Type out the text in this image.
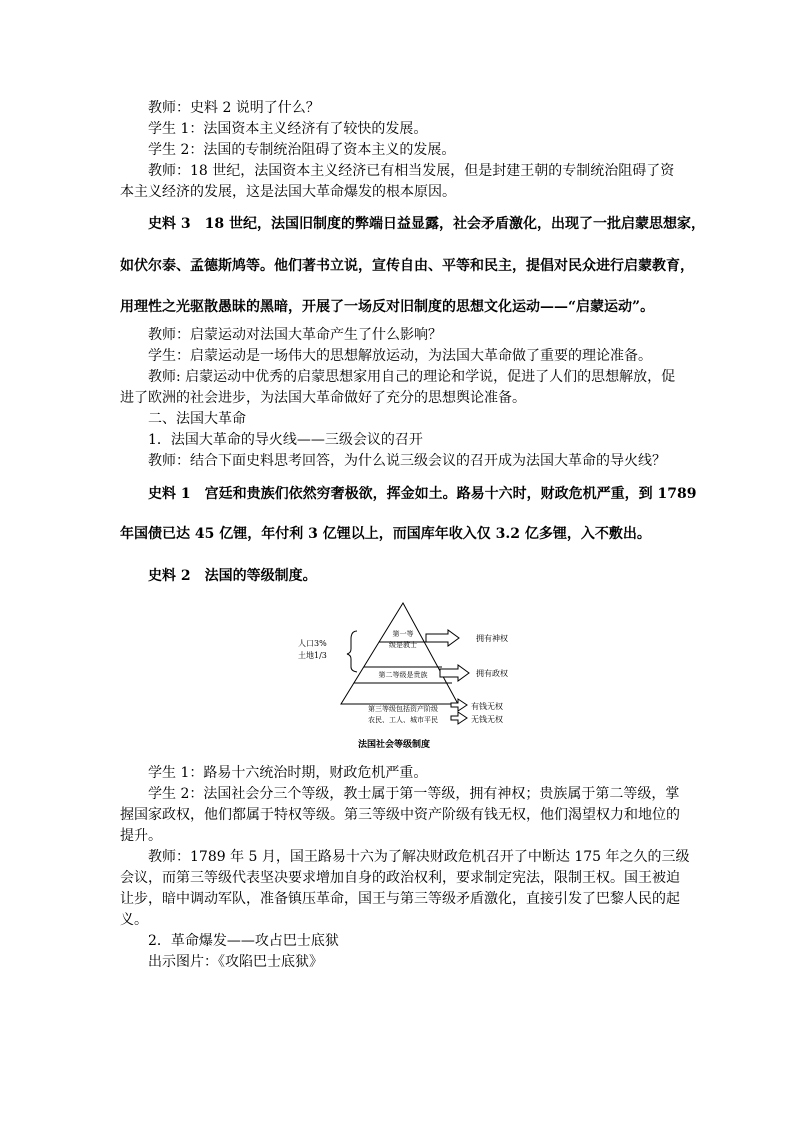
教师：史料 2 说明了什么？
学生 1：法国资本主义经济有了较快的发展。
学生 2：法国的专制统治阻碍了资本主义的发展。
教师：18 世纪，法国资本主义经济已有相当发展，但是封建王朝的专制统治阻碍了资
本主义经济的发展，这是法国大革命爆发的根本原因。
史料 3　18 世纪，法国旧制度的弊端日益显露，社会矛盾激化，出现了一批启蒙思想家，
如伏尔泰、孟德斯鸠等。他们著书立说，宣传自由、平等和民主，提倡对民众进行启蒙教育，
用理性之光驱散愚昧的黑暗，开展了一场反对旧制度的思想文化运动——“启蒙运动”。
教师：启蒙运动对法国大革命产生了什么影响？
学生：启蒙运动是一场伟大的思想解放运动，为法国大革命做了重要的理论准备。
教师: 启蒙运动中优秀的启蒙思想家用自己的理论和学说，促进了人们的思想解放，促
进了欧洲的社会进步，为法国大革命做好了充分的思想舆论准备。
二、法国大革命
1．法国大革命的导火线——三级会议的召开
教师：结合下面史料思考回答，为什么说三级会议的召开成为法国大革命的导火线？
史料 1　宫廷和贵族们依然穷奢极欲，挥金如土。路易十六时，财政危机严重，到 1789
年国债已达 45 亿锂，年付利 3 亿锂以上，而国库年收入仅 3.2 亿多锂，入不敷出。
史料 2　法国的等级制度。
人口3%
土地1/3
第一等
级是教士
第二等级是贵族
第三等级包括资产阶级
农民、工人、城市平民
拥有神权
拥有政权
有钱无权
无钱无权
法国社会等级制度
学生 1：路易十六统治时期，财政危机严重。
学生 2：法国社会分三个等级，教士属于第一等级，拥有神权；贵族属于第二等级，掌
握国家政权，他们都属于特权等级。第三等级中资产阶级有钱无权，他们渴望权力和地位的
提升。
教师：1789 年 5 月，国王路易十六为了解决财政危机召开了中断达 175 年之久的三级
会议，而第三等级代表坚决要求增加自身的政治权利，要求制定宪法，限制王权。国王被迫
让步，暗中调动军队，准备镇压革命，国王与第三等级矛盾激化，直接引发了巴黎人民的起
义。
2．革命爆发——攻占巴士底狱
出示图片：《攻陷巴士底狱》
